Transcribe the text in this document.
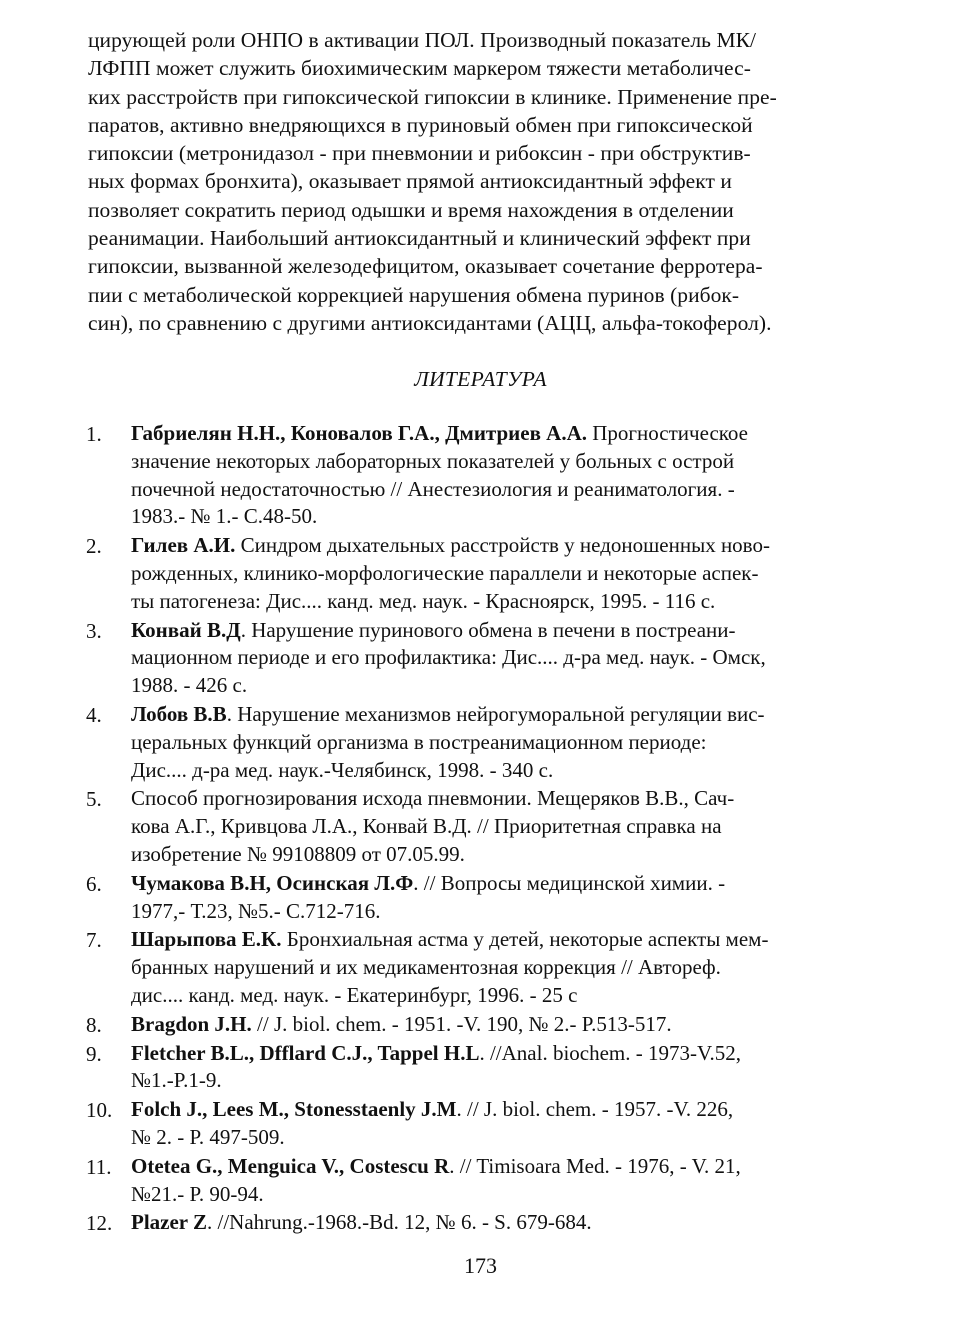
цирующей роли ОНПО в активации ПОЛ. Производный показатель МК/
ЛФПП может служить биохимическим маркером тяжести метаболичес-
ких расстройств при гипоксической гипоксии в клинике. Применение пре-
паратов, активно внедряющихся в пуриновый обмен при гипоксической
гипоксии (метронидазол - при пневмонии и рибоксин - при обструктив-
ных формах бронхита), оказывает прямой антиоксидантный эффект и
позволяет сократить период одышки и время нахождения в отделении
реанимации. Наибольший антиоксидантный и клинический эффект при
гипоксии, вызванной железодефицитом, оказывает сочетание ферротера-
пии с метаболической коррекцией нарушения обмена пуринов (рибок-
син), по сравнению с другими антиоксидантами (АЦЦ, альфа-токоферол).
ЛИТЕРАТУРА
1. Габриелян Н.Н., Коновалов Г.А., Дмитриев А.А. Прогностическое
значение некоторых лабораторных показателей у больных с острой
почечной недостаточностью // Анестезиология и реаниматология. -
1983.- № 1.- С.48-50.
2. Гилев А.И. Синдром дыхательных расстройств у недоношенных ново-
рожденных, клинико-морфологические параллели и некоторые аспек-
ты патогенеза: Дис.... канд. мед. наук. - Красноярск, 1995. - 116 с.
3. Конвай В.Д. Нарушение пуринового обмена в печени в постреани-
мационном периоде и его профилактика: Дис.... д-ра мед. наук. - Омск,
1988. - 426 с.
4. Лобов В.В. Нарушение механизмов нейрогуморальной регуляции вис-
церальных функций организма в постреанимационном периоде:
Дис.... д-ра мед. наук.-Челябинск, 1998. - 340 с.
5. Способ прогнозирования исхода пневмонии. Мещеряков В.В., Сач-
кова А.Г., Кривцова Л.А., Конвай В.Д. // Приоритетная справка на
изобретение № 99108809 от 07.05.99.
6. Чумакова В.Н, Осинская Л.Ф. // Вопросы медицинской химии. -
1977,- Т.23, №5.- С.712-716.
7. Шарыпова Е.К. Бронхиальная астма у детей, некоторые аспекты мем-
бранных нарушений и их медикаментозная коррекция // Автореф.
дис.... канд. мед. наук. - Екатеринбург, 1996. - 25 с
8. Bragdon J.H. // J. biol. chem. - 1951. -V. 190, № 2.- P.513-517.
9. Fletcher B.L., Dfflard C.J., Tappel H.L. //Anal. biochem. - 1973-V.52,
№1.-P.1-9.
10. Folch J., Lees M., Stonesstaenly J.M. // J. biol. chem. - 1957. -V. 226,
№ 2. - P. 497-509.
11. Otetea G., Menguica V., Costescu R. // Timisoara Med. - 1976, - V. 21,
№21.- P. 90-94.
12. Plazer Z. //Nahrung.-1968.-Bd. 12, № 6. - S. 679-684.
173
